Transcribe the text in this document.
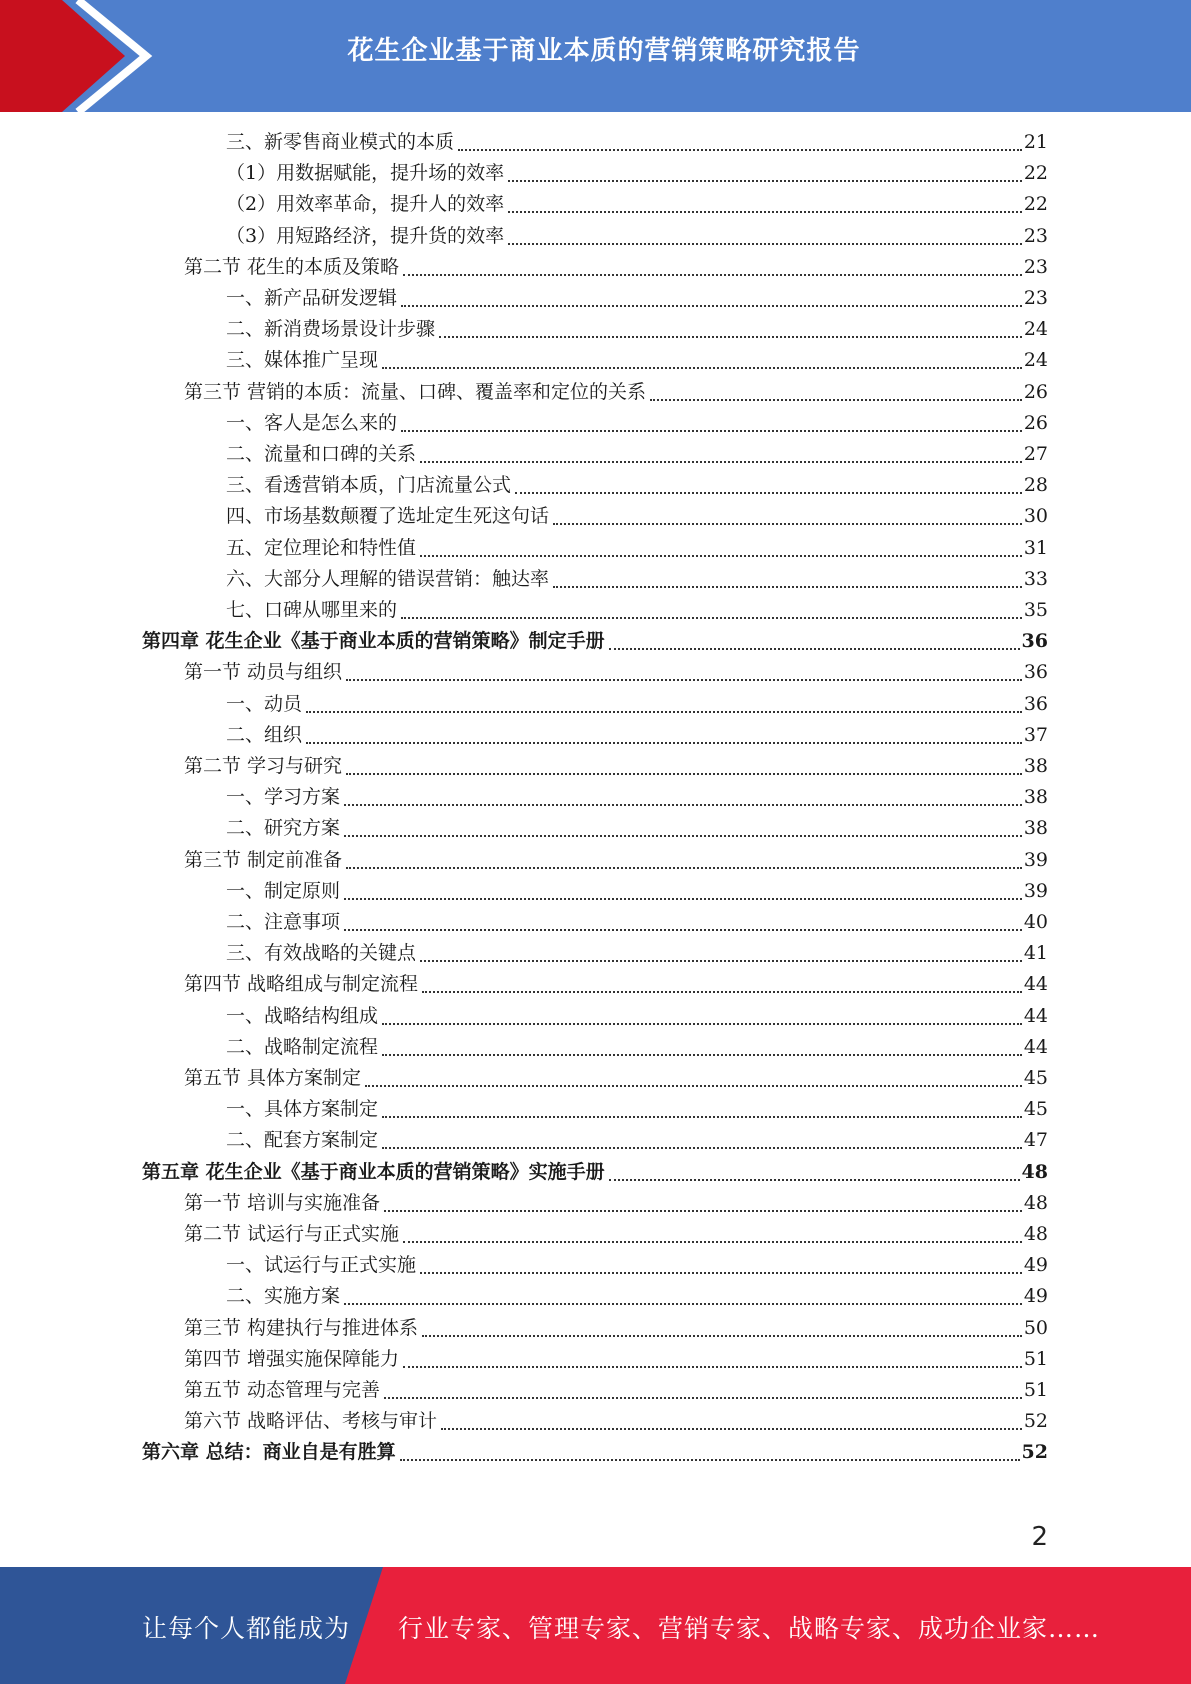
花生企业基于商业本质的营销策略研究报告
三、新零售商业模式的本质	21
（1）用数据赋能，提升场的效率	22
（2）用效率革命，提升人的效率	22
（3）用短路经济，提升货的效率	23
第二节 花生的本质及策略	23
一、新产品研发逻辑	23
二、新消费场景设计步骤	24
三、媒体推广呈现	24
第三节 营销的本质：流量、口碑、覆盖率和定位的关系	26
一、客人是怎么来的	26
二、流量和口碑的关系	27
三、看透营销本质，门店流量公式	28
四、市场基数颠覆了选址定生死这句话	30
五、定位理论和特性值	31
六、大部分人理解的错误营销：触达率	33
七、口碑从哪里来的	35
第四章 花生企业《基于商业本质的营销策略》制定手册	36
第一节 动员与组织	36
一、动员	36
二、组织	37
第二节 学习与研究	38
一、学习方案	38
二、研究方案	38
第三节 制定前准备	39
一、制定原则	39
二、注意事项	40
三、有效战略的关键点	41
第四节 战略组成与制定流程	44
一、战略结构组成	44
二、战略制定流程	44
第五节 具体方案制定	45
一、具体方案制定	45
二、配套方案制定	47
第五章 花生企业《基于商业本质的营销策略》实施手册	48
第一节 培训与实施准备	48
第二节 试运行与正式实施	48
一、试运行与正式实施	49
二、实施方案	49
第三节 构建执行与推进体系	50
第四节 增强实施保障能力	51
第五节 动态管理与完善	51
第六节 战略评估、考核与审计	52
第六章 总结：商业自是有胜算	52
2
让每个人都能成为 行业专家、管理专家、营销专家、战略专家、成功企业家……
